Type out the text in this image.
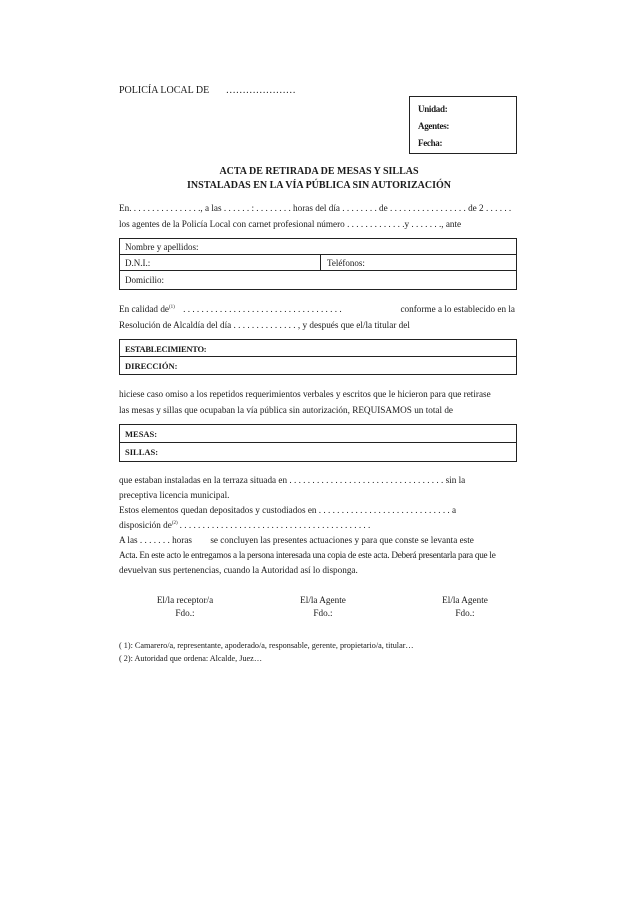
POLICÍA LOCAL DE …………………
Unidad:
Agentes:
Fecha:
ACTA DE RETIRADA DE MESAS Y SILLAS
INSTALADAS EN LA VÍA PÚBLICA SIN AUTORIZACIÓN
En. . . . . . . . . . . . . . . ., a las . . . . . . : . . . . . . . . horas del día . . . . . . . . de . . . . . . . . . . . . . . . . . de 2 . . . . . .
los agentes de la Policía Local con carnet profesional número . . . . . . . . . . . . .y . . . . . . ., ante
Nombre y apellidos:
D.N.I.:	Teléfonos:
Domicilio:
En calidad $de^{(1)}$ . . . . . . . . . . . . . . . . . . . . . . . . . . . . . . . . . . .	conforme a lo establecido en la
Resolución de Alcaldía del día . . . . . . . . . . . . . . , y después que el/la titular del
ESTABLECIMIENTO:
DIRECCIÓN:
hiciese caso omiso a los repetidos requerimientos verbales y escritos que le hicieron para que retirase
las mesas y sillas que ocupaban la vía pública sin autorización, REQUISAMOS un total de
MESAS:
SILLAS:
que estaban instaladas en la terraza situada en . . . . . . . . . . . . . . . . . . . . . . . . . . . . . . . . . . sin la
preceptiva licencia municipal.
Estos elementos quedan depositados y custodiados en . . . . . . . . . . . . . . . . . . . . . . . . . . . . . a
disposición $de^{(2)}$ . . . . . . . . . . . . . . . . . . . . . . . . . . . . . . . . . . . . . . . . . .
A las . . . . . . . horas        se concluyen las presentes actuaciones y para que conste se levanta este
Acta. En este acto le entregamos a la persona interesada una copia de este acta. Deberá presentarla para que le
devuelvan sus pertenencias, cuando la Autoridad así lo disponga.
El/la receptor/a
Fdo.:
El/la Agente
Fdo.:
El/la Agente
Fdo.:
( 1): Camarero/a, representante, apoderado/a, responsable, gerente, propietario/a, titular…
( 2): Autoridad que ordena: Alcalde, Juez…
